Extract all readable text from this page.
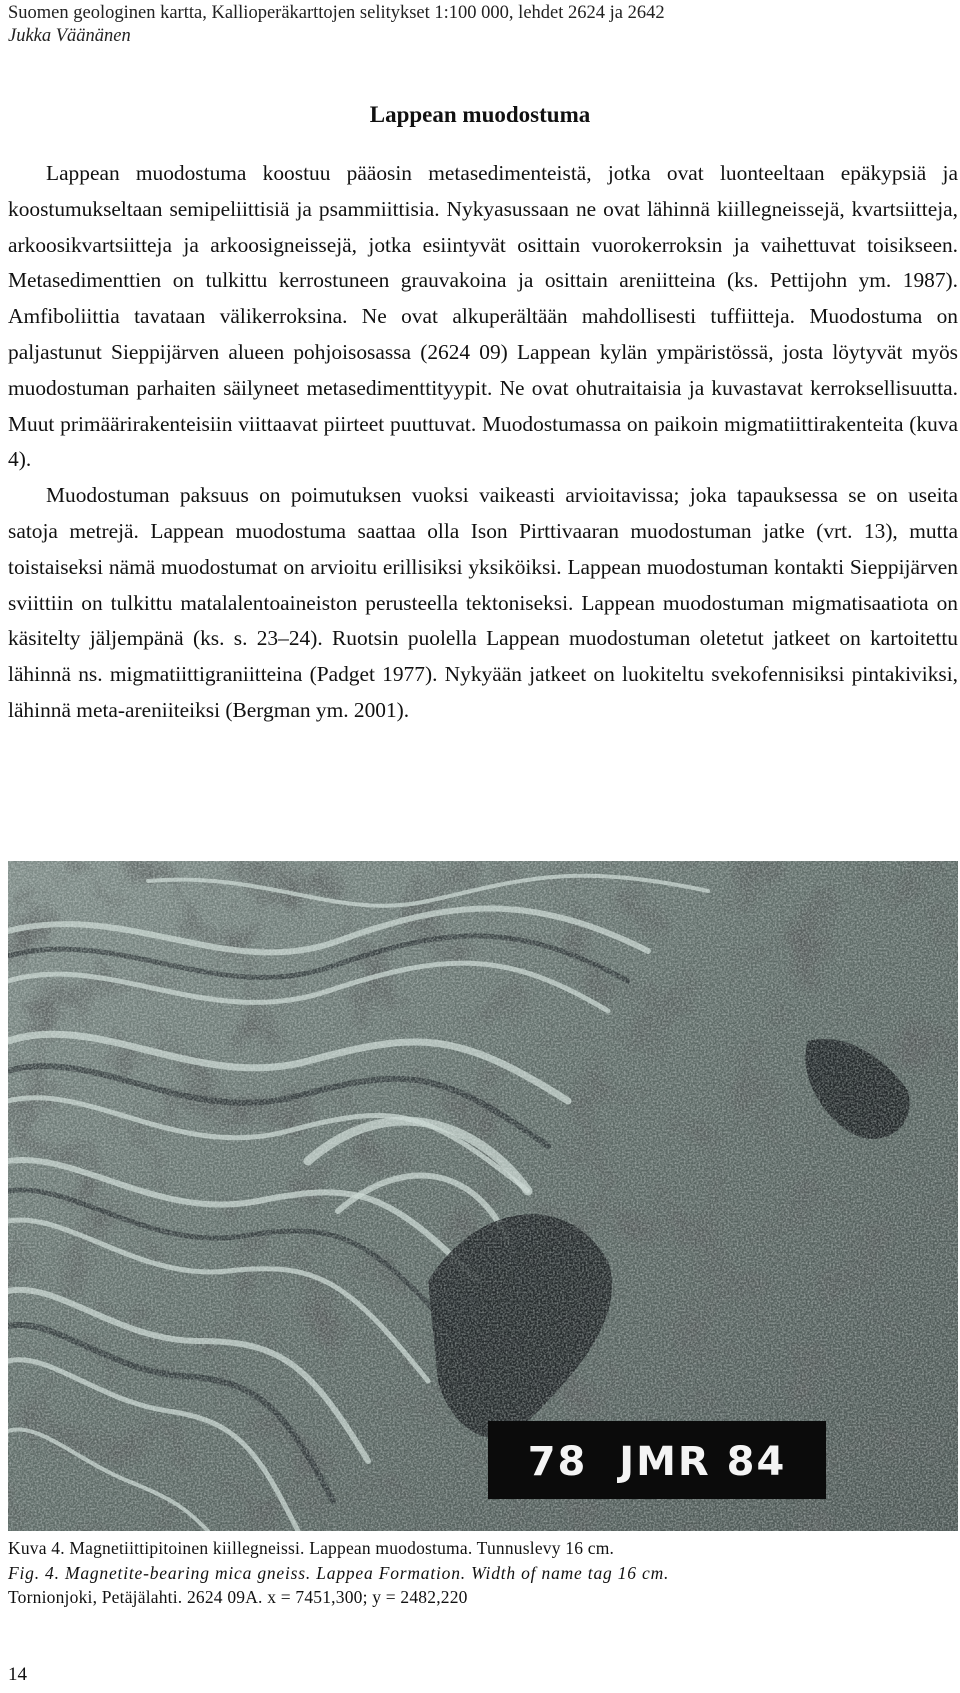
Suomen geologinen kartta, Kallioperäkarttojen selitykset 1:100 000, lehdet 2624 ja 2642
Jukka Väänänen
Lappean muodostuma

Lappean muodostuma koostuu pääosin metasedimenteistä, jotka ovat luonteeltaan epäkypsiä ja koostumukseltaan semipeliittisiä ja psammiittisia. Nykyasussaan ne ovat lähinnä kiillegneissejä, kvartsiitteja, arkoosikvartsiitteja ja arkoosigneissejä, jotka esiintyvät osittain vuorokerroksin ja vaihettuvat toisikseen. Metasedimenttien on tulkittu kerrostuneen grauvakoina ja osittain areniitteina (ks. Pettijohn ym. 1987). Amfiboliittia tavataan välikerroksina. Ne ovat alkuperältään mahdollisesti tuffiitteja. Muodostuma on paljastunut Sieppijärven alueen pohjoisosassa (2624 09) Lappean kylän ympäristössä, josta löytyvät myös muodostuman parhaiten säilyneet metasedimenttityypit. Ne ovat ohutraitaisia ja kuvastavat kerroksellisuutta. Muut primäärirakenteisiin viittaavat piirteet puuttuvat. Muodostumassa on paikoin migmatiittirakenteita (kuva 4).

Muodostuman paksuus on poimutuksen vuoksi vaikeasti arvioitavissa; joka tapauksessa se on useita satoja metrejä. Lappean muodostuma saattaa olla Ison Pirttivaaran muodostuman jatke (vrt. 13), mutta toistaiseksi nämä muodostumat on arvioitu erillisiksi yksiköiksi. Lappean muodostuman kontakti Sieppijärven sviittiin on tulkittu matalalentoaineiston perusteella tektoniseksi. Lappean muodostuman migmatisaatiota on käsitelty jäljempänä (ks. s. 23–24). Ruotsin puolella Lappean muodostuman oletetut jatkeet on kartoitettu lähinnä ns. migmatiittigraniitteina (Padget 1977). Nykyään jatkeet on luokiteltu svekofennisiksi pintakiviksi, lähinnä meta-areniiteiksi (Bergman ym. 2001).

78  JMR 84
Kuva 4. Magnetiittipitoinen kiillegneissi. Lappean muodostuma. Tunnuslevy 16 cm.
Fig. 4. Magnetite-bearing mica gneiss. Lappea Formation. Width of name tag 16 cm.
Tornionjoki, Petäjälahti. 2624 09A. x = 7451,300; y = 2482,220
14
